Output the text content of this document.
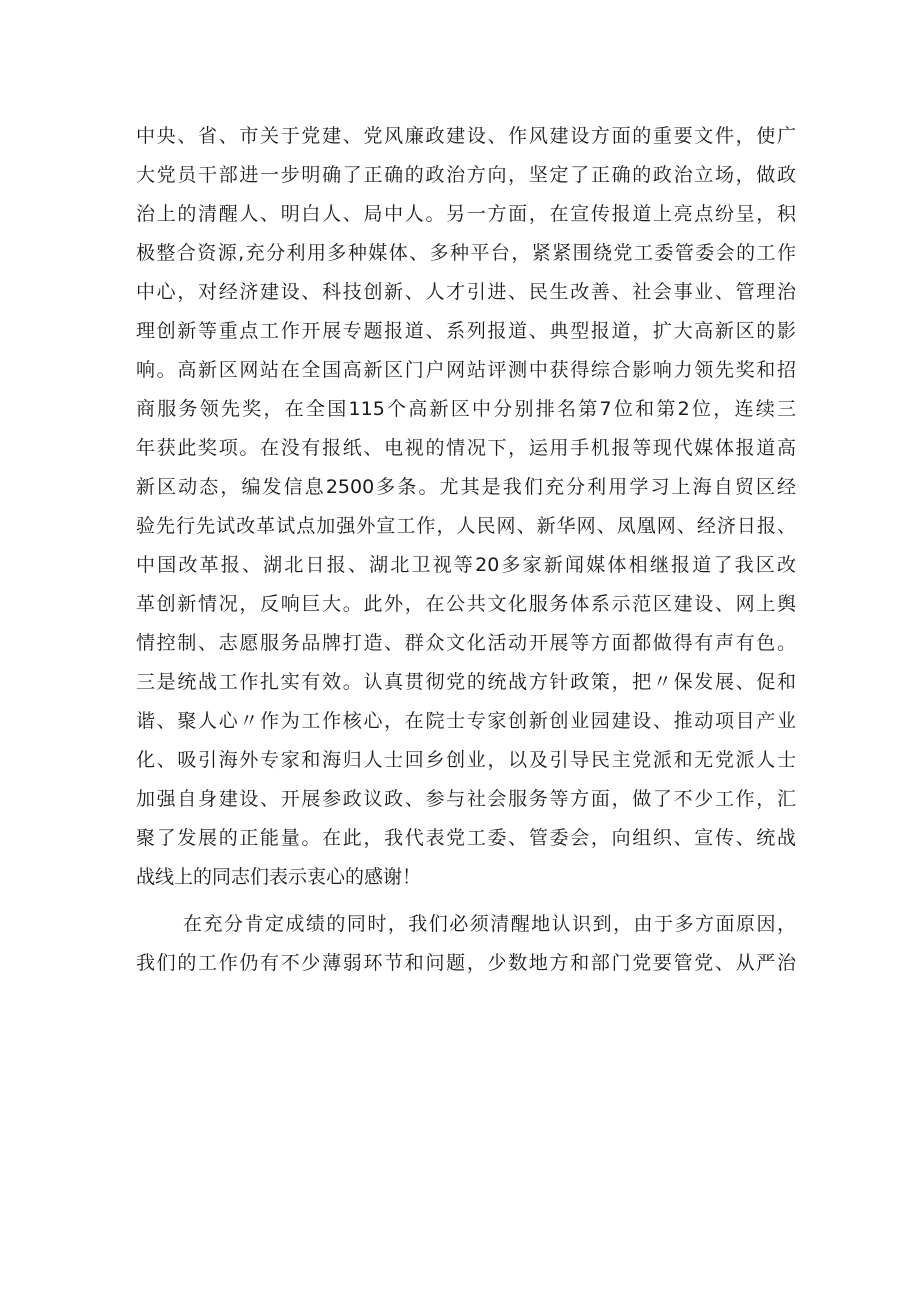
中央、省、市关于党建、党风廉政建设、作风建设方面的重要文件，使广
大党员干部进一步明确了正确的政治方向，坚定了正确的政治立场，做政
治上的清醒人、明白人、局中人。另一方面，在宣传报道上亮点纷呈，积
极整合资源,充分利用多种媒体、多种平台，紧紧围绕党工委管委会的工作
中心，对经济建设、科技创新、人才引进、民生改善、社会事业、管理治
理创新等重点工作开展专题报道、系列报道、典型报道，扩大高新区的影
响。高新区网站在全国高新区门户网站评测中获得综合影响力领先奖和招
商服务领先奖，在全国115个高新区中分别排名第7位和第2位，连续三
年获此奖项。在没有报纸、电视的情况下，运用手机报等现代媒体报道高
新区动态，编发信息2500多条。尤其是我们充分利用学习上海自贸区经
验先行先试改革试点加强外宣工作，人民网、新华网、凤凰网、经济日报、
中国改革报、湖北日报、湖北卫视等20多家新闻媒体相继报道了我区改
革创新情况，反响巨大。此外，在公共文化服务体系示范区建设、网上舆
情控制、志愿服务品牌打造、群众文化活动开展等方面都做得有声有色。
三是统战工作扎实有效。认真贯彻党的统战方针政策，把〃保发展、促和
谐、聚人心〃作为工作核心，在院士专家创新创业园建设、推动项目产业
化、吸引海外专家和海归人士回乡创业，以及引导民主党派和无党派人士
加强自身建设、开展参政议政、参与社会服务等方面，做了不少工作，汇
聚了发展的正能量。在此，我代表党工委、管委会，向组织、宣传、统战
战线上的同志们表示衷心的感谢！
在充分肯定成绩的同时，我们必须清醒地认识到，由于多方面原因，
我们的工作仍有不少薄弱环节和问题，少数地方和部门党要管党、从严治
